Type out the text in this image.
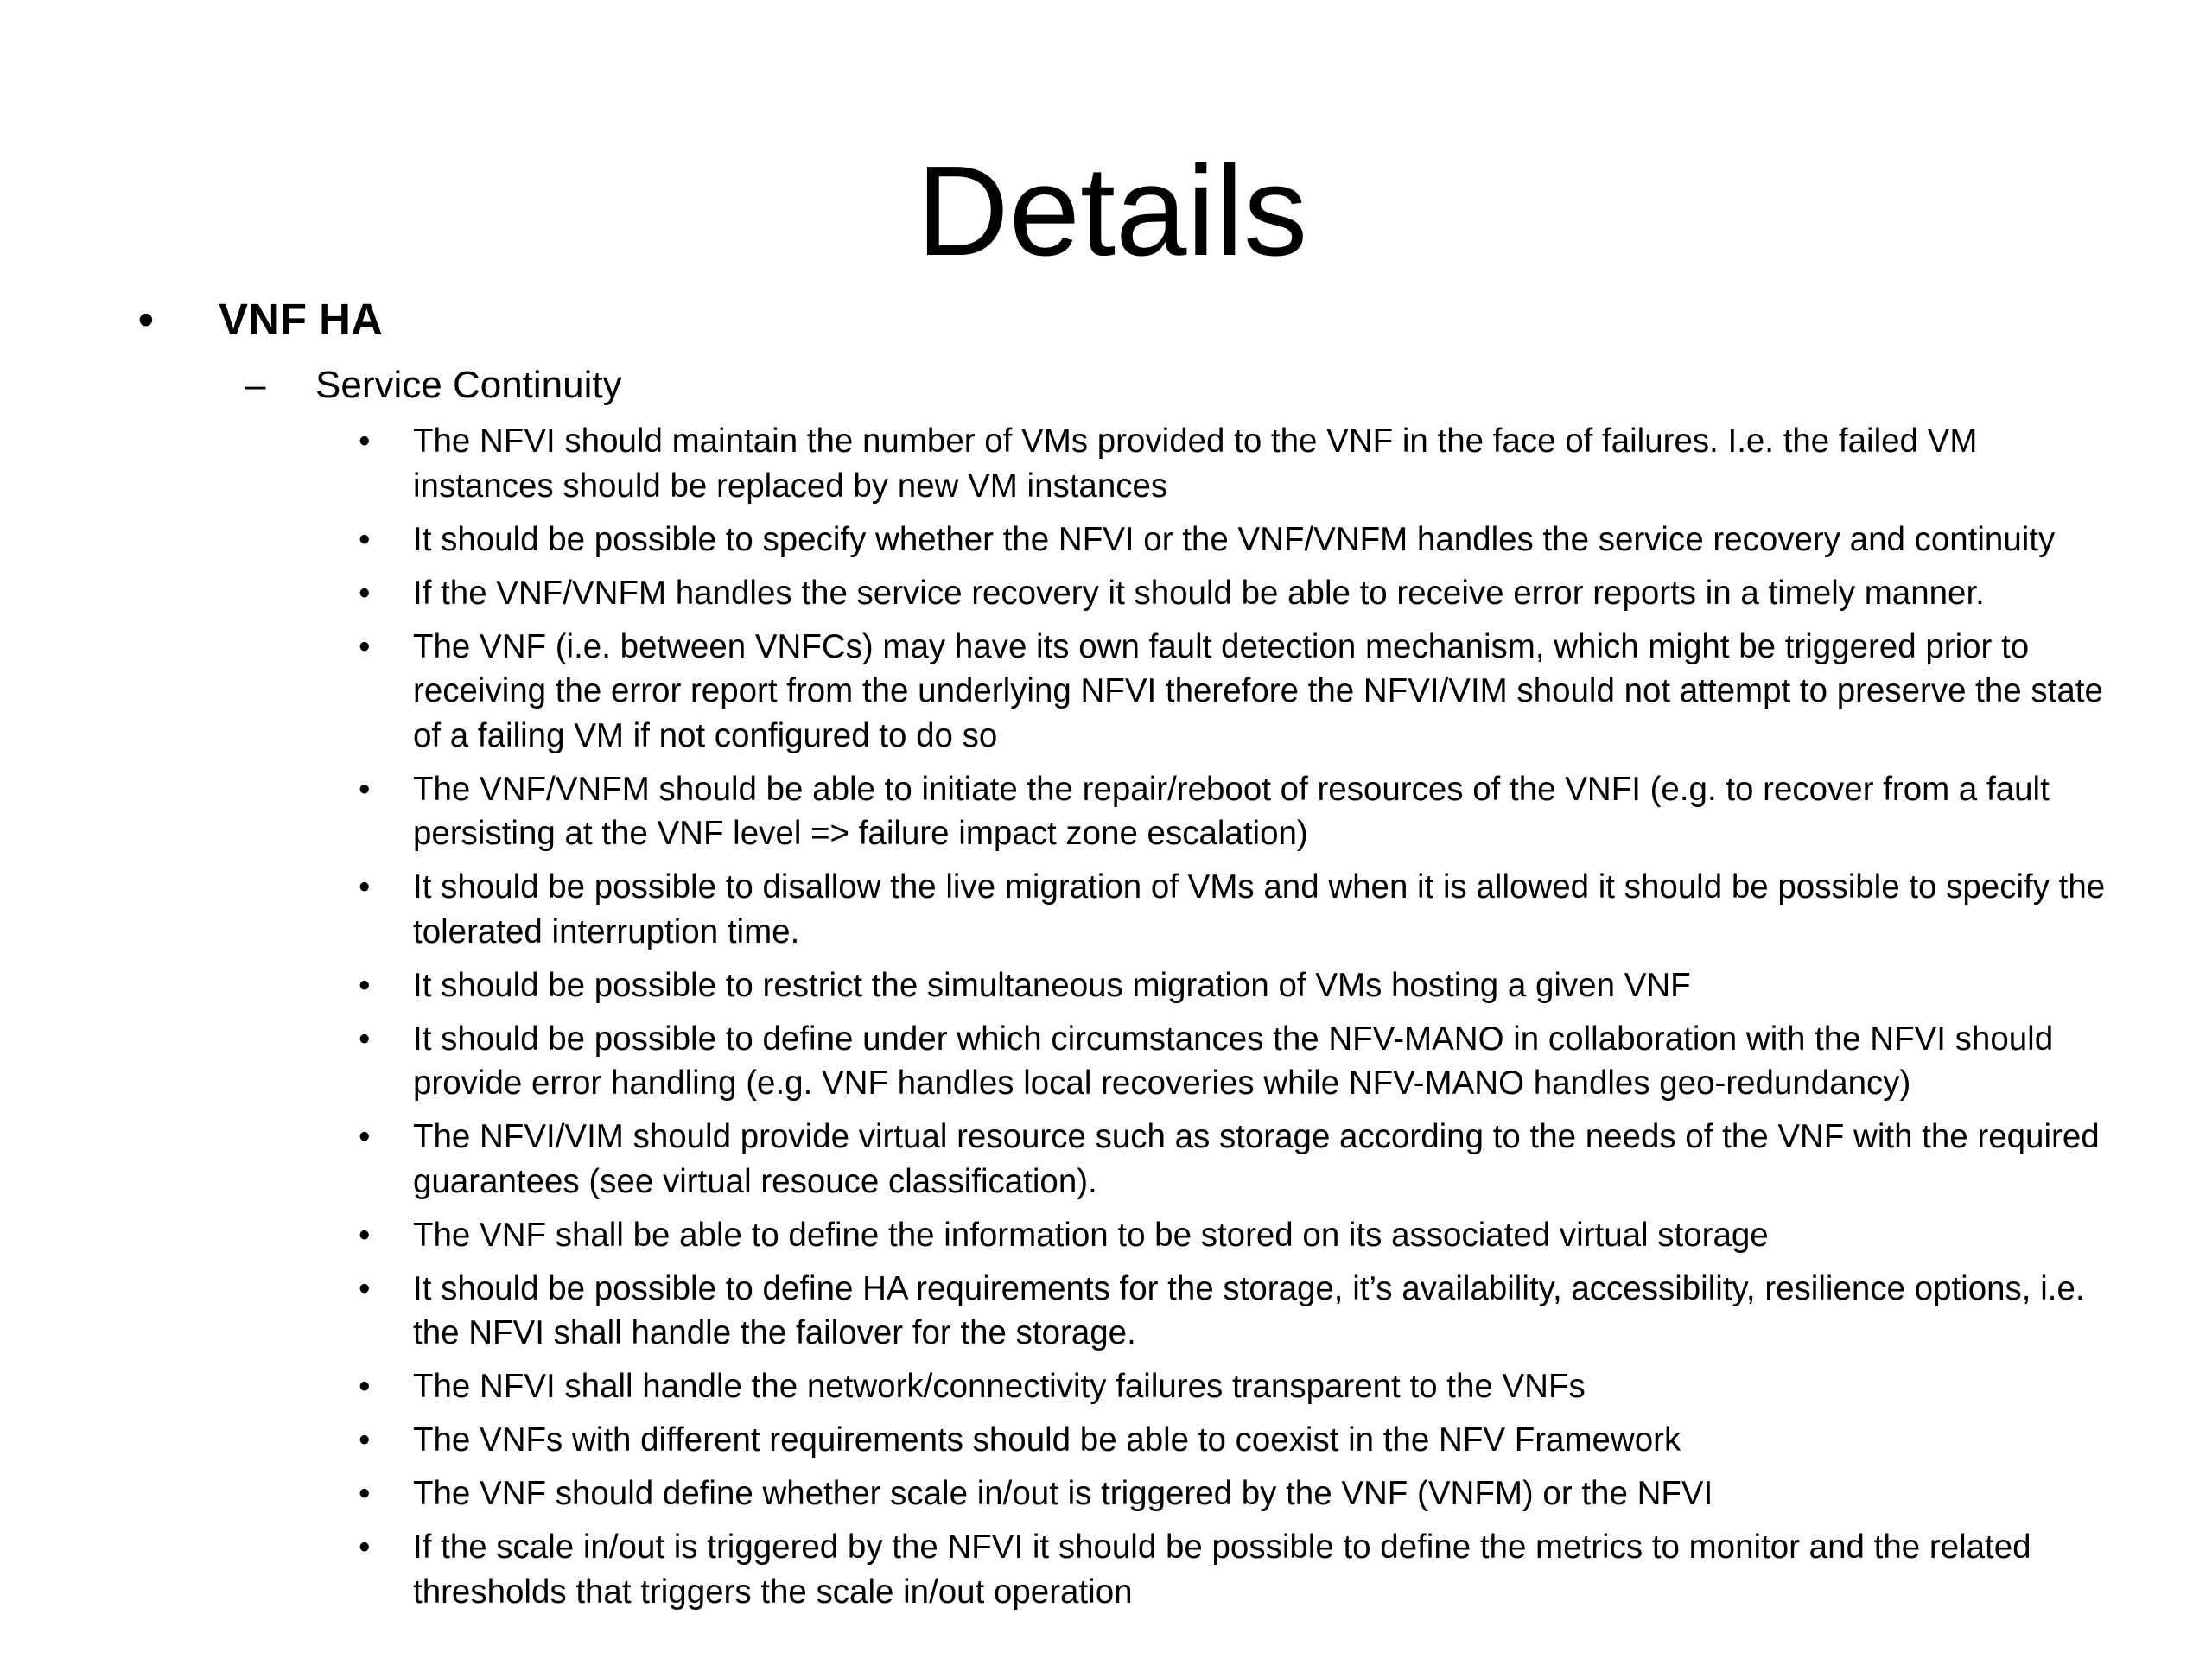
Details
•	VNF HA
–	Service Continuity
•	The NFVI should maintain the number of VMs provided to the VNF in the face of failures. I.e. the failed VM instances should be replaced by new VM instances
•	It should be possible to specify whether the NFVI or the VNF/VNFM handles the service recovery and continuity
•	If the VNF/VNFM handles the service recovery it should be able to receive error reports in a timely manner.
•	The VNF (i.e. between VNFCs) may have its own fault detection mechanism, which might be triggered prior to receiving the error report from the underlying NFVI therefore the NFVI/VIM should not attempt to preserve the state of a failing VM if not configured to do so
•	The VNF/VNFM should be able to initiate the repair/reboot of resources of the VNFI (e.g. to recover from a fault persisting at the VNF level => failure impact zone escalation)
•	It should be possible to disallow the live migration of VMs and when it is allowed it should be possible to specify the tolerated interruption time.
•	It should be possible to restrict the simultaneous migration of VMs hosting a given VNF
•	It should be possible to define under which circumstances the NFV-MANO in collaboration with the NFVI should provide error handling (e.g. VNF handles local recoveries while NFV-MANO handles geo-redundancy)
•	The NFVI/VIM should provide virtual resource such as storage according to the needs of the VNF with the required guarantees (see virtual resouce classification).
•	The VNF shall be able to define the information to be stored on its associated virtual storage
•	It should be possible to define HA requirements for the storage, it’s availability, accessibility, resilience options, i.e. the NFVI shall handle the failover for the storage.
•	The NFVI shall handle the network/connectivity failures transparent to the VNFs
•	The VNFs with different requirements should be able to coexist in the NFV Framework
•	The VNF should define whether scale in/out is triggered by the VNF (VNFM) or the NFVI
•	If the scale in/out is triggered by the NFVI it should be possible to define the metrics to monitor and the related thresholds that triggers the scale in/out operation
